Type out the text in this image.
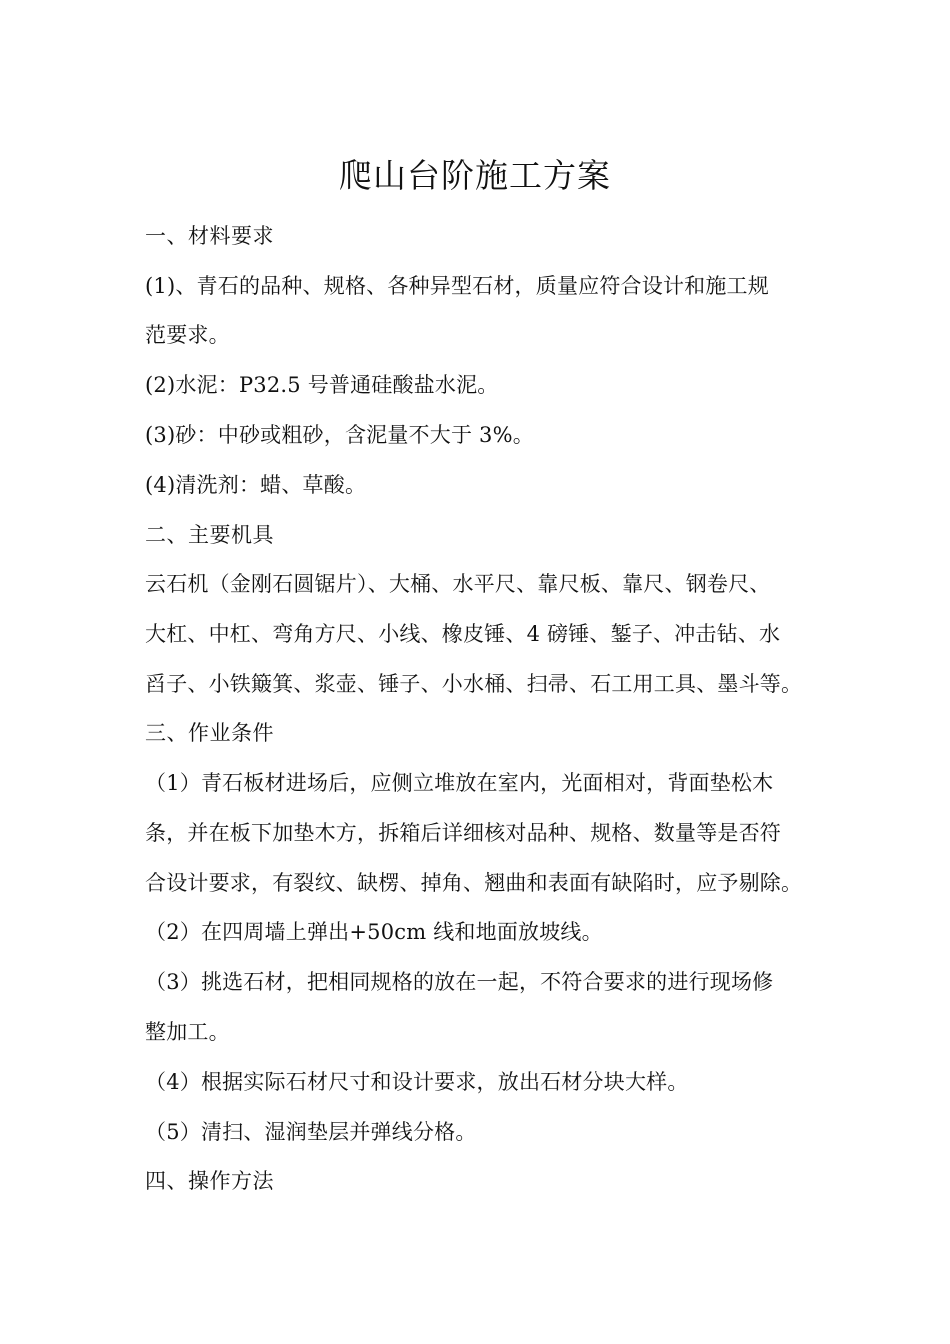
爬山台阶施工方案
一、材料要求
(1)、青石的品种、规格、各种异型石材，质量应符合设计和施工规
范要求。
(2)水泥：P32.5 号普通硅酸盐水泥。
(3)砂：中砂或粗砂，含泥量不大于 3%。
(4)清洗剂：蜡、草酸。
二、主要机具
云石机（金刚石圆锯片）、大桶、水平尺、靠尺板、靠尺、钢卷尺、
大杠、中杠、弯角方尺、小线、橡皮锤、4 磅锤、錾子、冲击钻、水
舀子、小铁簸箕、浆壶、锤子、小水桶、扫帚、石工用工具、墨斗等。
三、作业条件
（1）青石板材进场后，应侧立堆放在室内，光面相对，背面垫松木
条，并在板下加垫木方，拆箱后详细核对品种、规格、数量等是否符
合设计要求，有裂纹、缺楞、掉角、翘曲和表面有缺陷时，应予剔除。
（2）在四周墙上弹出+50cm 线和地面放坡线。
（3）挑选石材，把相同规格的放在一起，不符合要求的进行现场修
整加工。
（4）根据实际石材尺寸和设计要求，放出石材分块大样。
（5）清扫、湿润垫层并弹线分格。
四、操作方法
